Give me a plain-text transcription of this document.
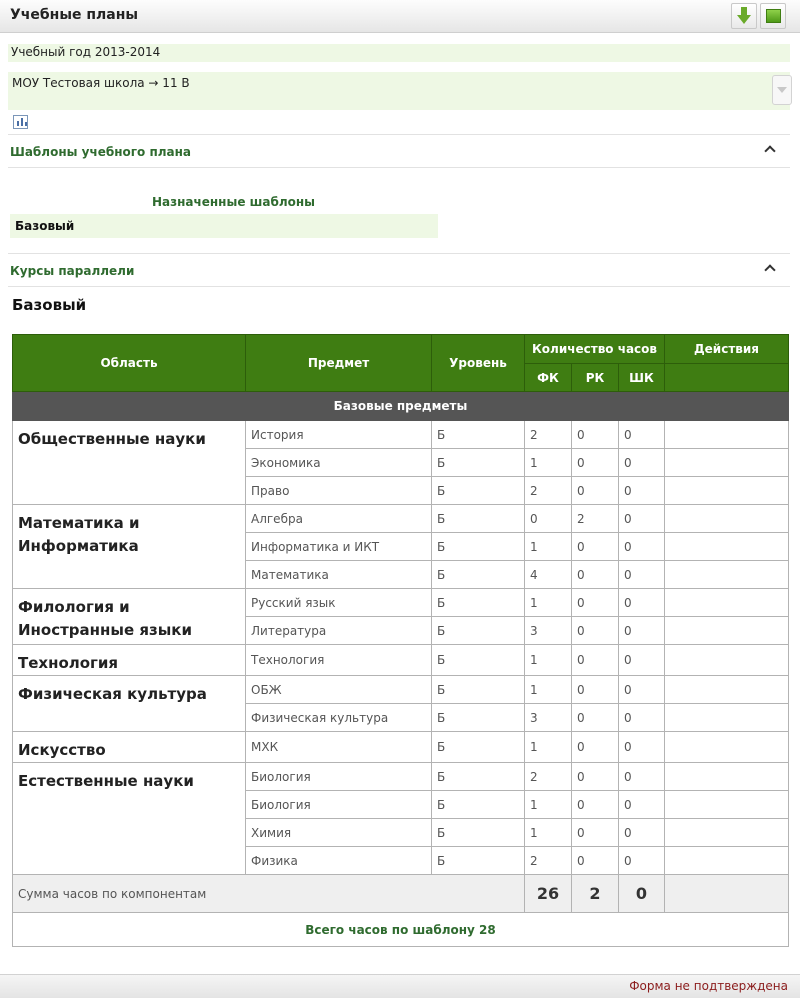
Учебные планы
Учебный год 2013-2014
МОУ Тестовая школа → 11 В
Шаблоны учебного плана
Назначенные шаблоны
Базовый
Курсы параллели
Базовый
Область	Предмет	Уровень	Количество часов			Действия
			ФК	РК	ШК	
Базовые предметы						
Общественные науки	История	Б	2	0	0	
	Экономика	Б	1	0	0	
	Право	Б	2	0	0	
Математика и Информатика	Алгебра	Б	0	2	0	
	Информатика и ИКТ	Б	1	0	0	
	Математика	Б	4	0	0	
Филология и Иностранные языки	Русский язык	Б	1	0	0	
	Литература	Б	3	0	0	
Технология	Технология	Б	1	0	0	
Физическая культура	ОБЖ	Б	1	0	0	
	Физическая культура	Б	3	0	0	
Искусство	МХК	Б	1	0	0	
Естественные науки	Биология	Б	2	0	0	
	Биология	Б	1	0	0	
	Химия	Б	1	0	0	
	Физика	Б	2	0	0	
Сумма часов по компонентам			26	2	0	
Всего часов по шаблону 28						
Форма не подтверждена
